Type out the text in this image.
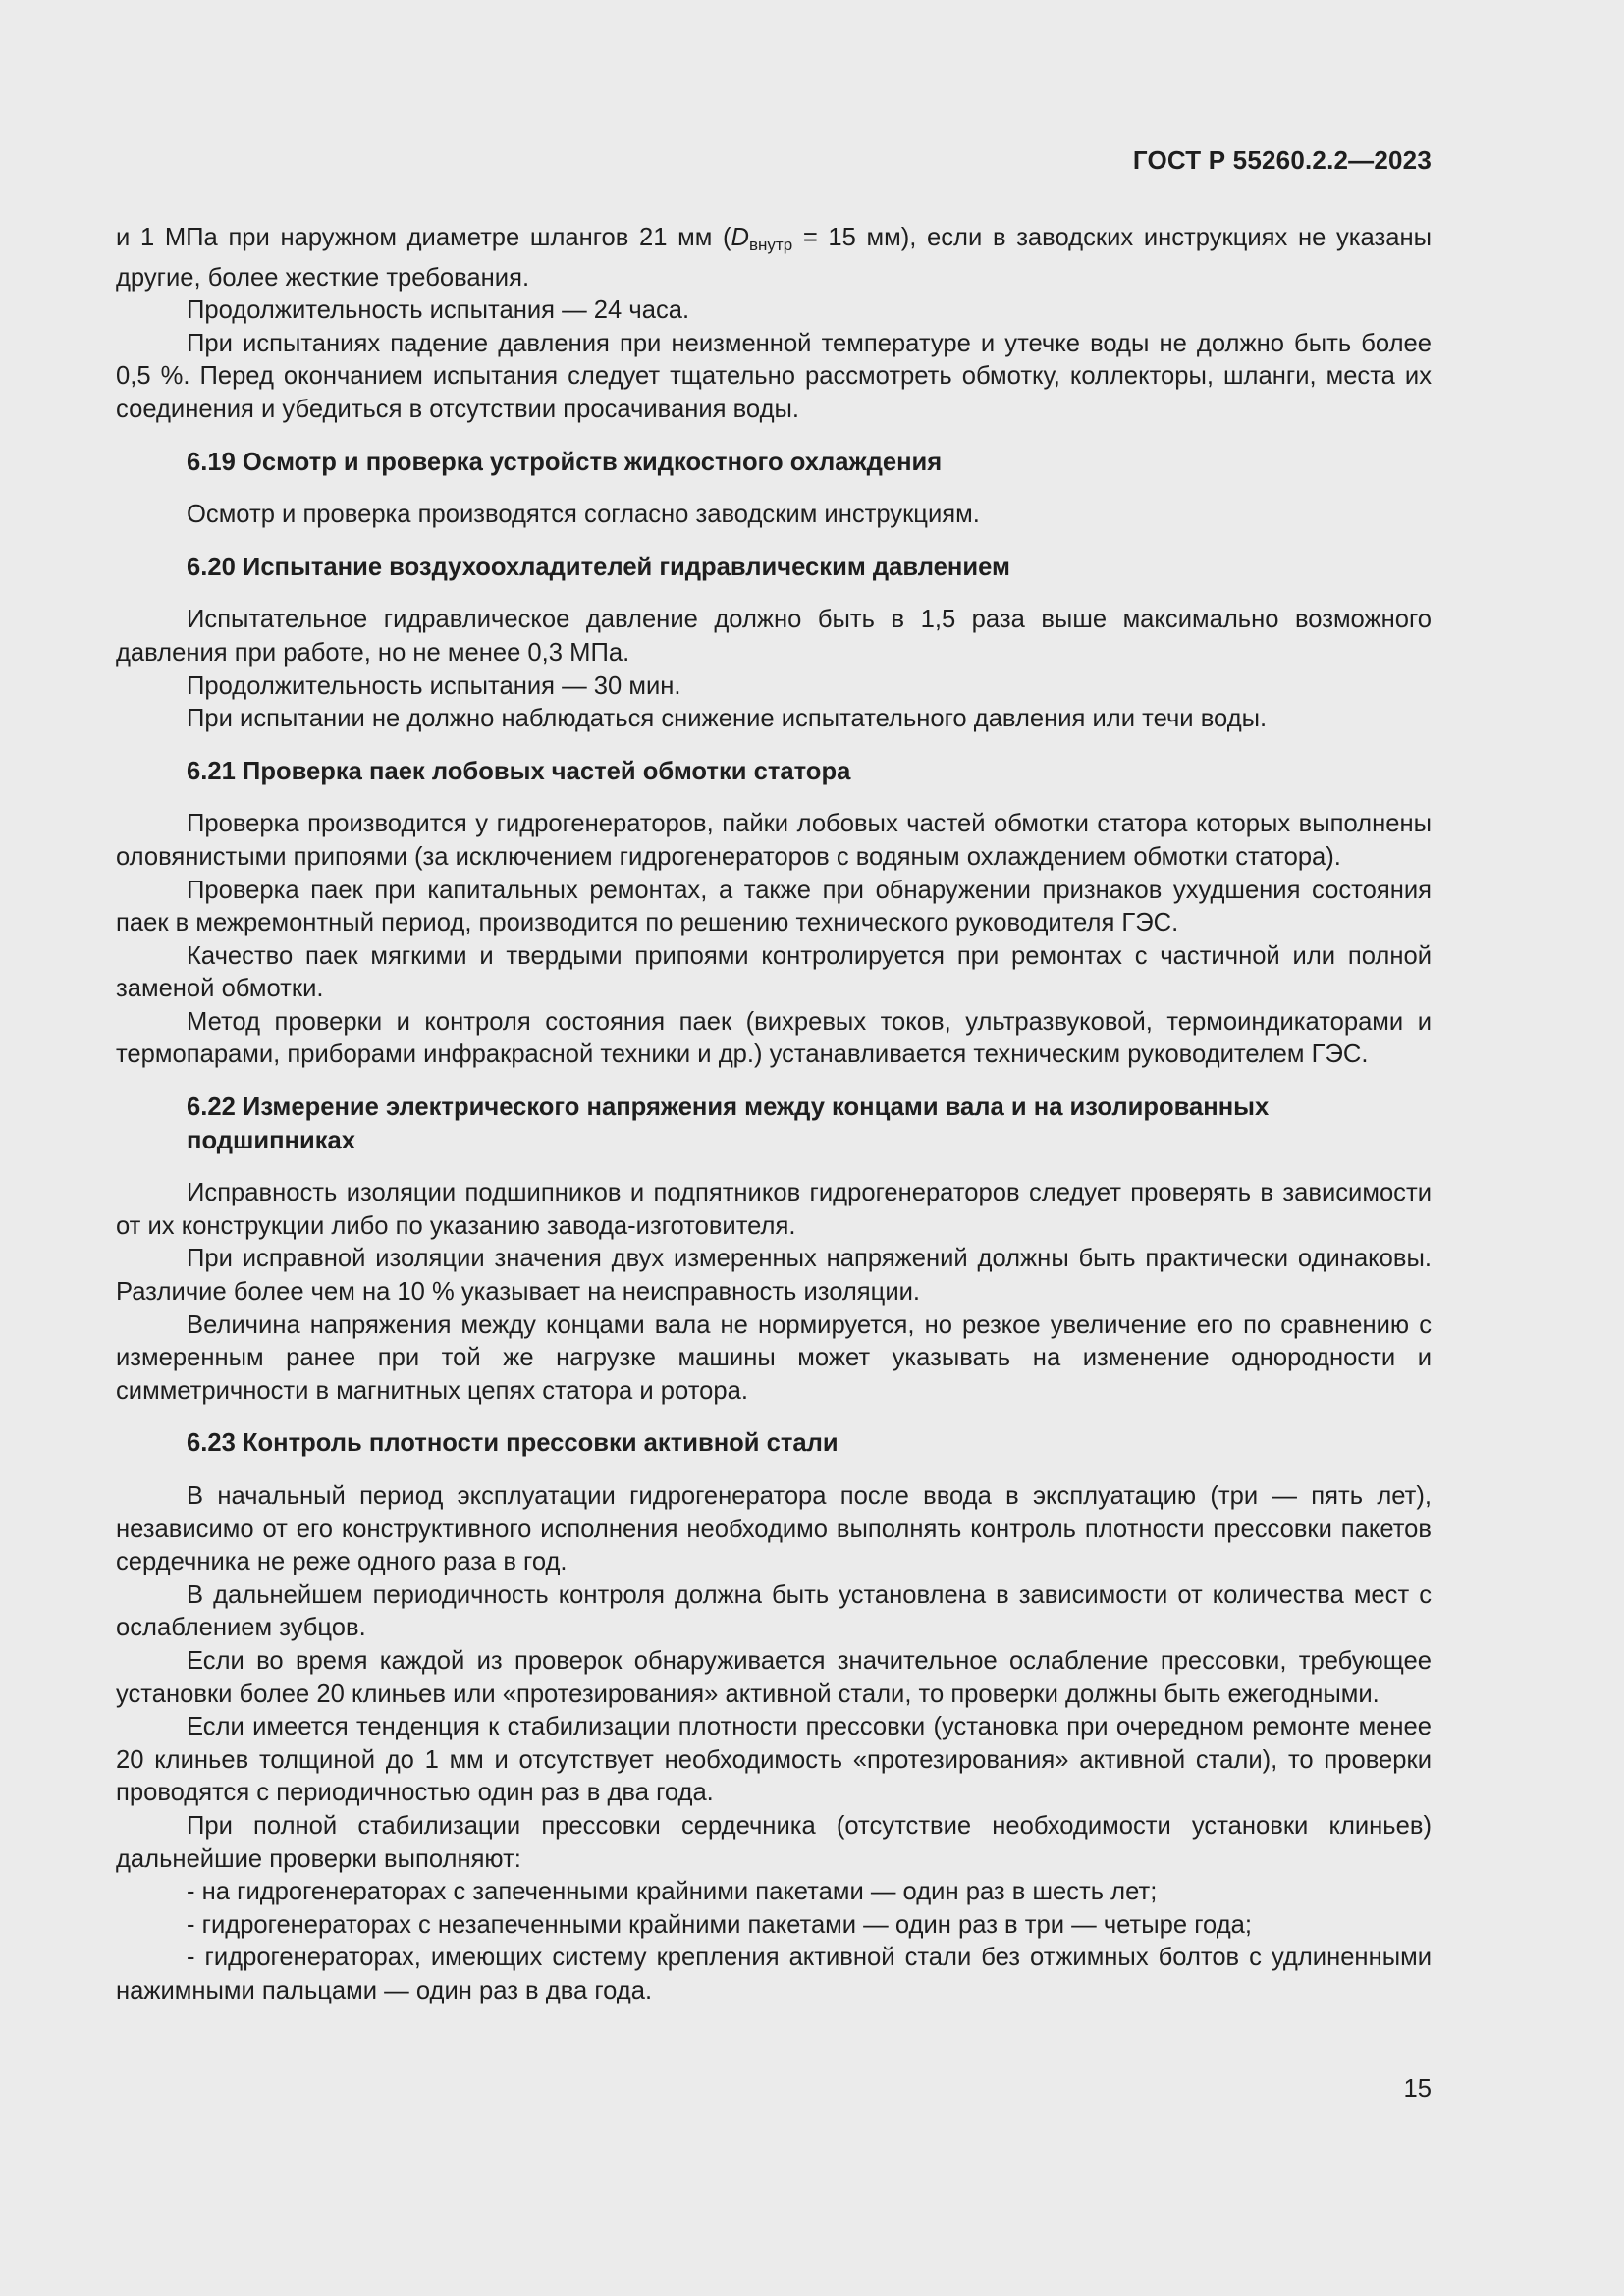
ГОСТ Р 55260.2.2—2023

и 1 МПа при наружном диаметре шлангов 21 мм ($D_{внутр} = 15$ мм), если в заводских инструкциях не указаны другие, более жесткие требования.

Продолжительность испытания — 24 часа.

При испытаниях падение давления при неизменной температуре и утечке воды не должно быть более 0,5 %. Перед окончанием испытания следует тщательно рассмотреть обмотку, коллекторы, шланги, места их соединения и убедиться в отсутствии просачивания воды.

6.19 Осмотр и проверка устройств жидкостного охлаждения

Осмотр и проверка производятся согласно заводским инструкциям.

6.20 Испытание воздухоохладителей гидравлическим давлением

Испытательное гидравлическое давление должно быть в 1,5 раза выше максимально возможного давления при работе, но не менее 0,3 МПа.

Продолжительность испытания — 30 мин.

При испытании не должно наблюдаться снижение испытательного давления или течи воды.

6.21 Проверка паек лобовых частей обмотки статора

Проверка производится у гидрогенераторов, пайки лобовых частей обмотки статора которых выполнены оловянистыми припоями (за исключением гидрогенераторов с водяным охлаждением обмотки статора).

Проверка паек при капитальных ремонтах, а также при обнаружении признаков ухудшения состояния паек в межремонтный период, производится по решению технического руководителя ГЭС.

Качество паек мягкими и твердыми припоями контролируется при ремонтах с частичной или полной заменой обмотки.

Метод проверки и контроля состояния паек (вихревых токов, ультразвуковой, термоиндикаторами и термопарами, приборами инфракрасной техники и др.) устанавливается техническим руководителем ГЭС.

6.22 Измерение электрического напряжения между концами вала и на изолированных подшипниках

Исправность изоляции подшипников и подпятников гидрогенераторов следует проверять в зависимости от их конструкции либо по указанию завода-изготовителя.

При исправной изоляции значения двух измеренных напряжений должны быть практически одинаковы. Различие более чем на 10 % указывает на неисправность изоляции.

Величина напряжения между концами вала не нормируется, но резкое увеличение его по сравнению с измеренным ранее при той же нагрузке машины может указывать на изменение однородности и симметричности в магнитных цепях статора и ротора.

6.23 Контроль плотности прессовки активной стали

В начальный период эксплуатации гидрогенератора после ввода в эксплуатацию (три — пять лет), независимо от его конструктивного исполнения необходимо выполнять контроль плотности прессовки пакетов сердечника не реже одного раза в год.

В дальнейшем периодичность контроля должна быть установлена в зависимости от количества мест с ослаблением зубцов.

Если во время каждой из проверок обнаруживается значительное ослабление прессовки, требующее установки более 20 клиньев или «протезирования» активной стали, то проверки должны быть ежегодными.

Если имеется тенденция к стабилизации плотности прессовки (установка при очередном ремонте менее 20 клиньев толщиной до 1 мм и отсутствует необходимость «протезирования» активной стали), то проверки проводятся с периодичностью один раз в два года.

При полной стабилизации прессовки сердечника (отсутствие необходимости установки клиньев) дальнейшие проверки выполняют:

- на гидрогенераторах с запеченными крайними пакетами — один раз в шесть лет;

- гидрогенераторах с незапеченными крайними пакетами — один раз в три — четыре года;

- гидрогенераторах, имеющих систему крепления активной стали без отжимных болтов с удлиненными нажимными пальцами — один раз в два года.

15
